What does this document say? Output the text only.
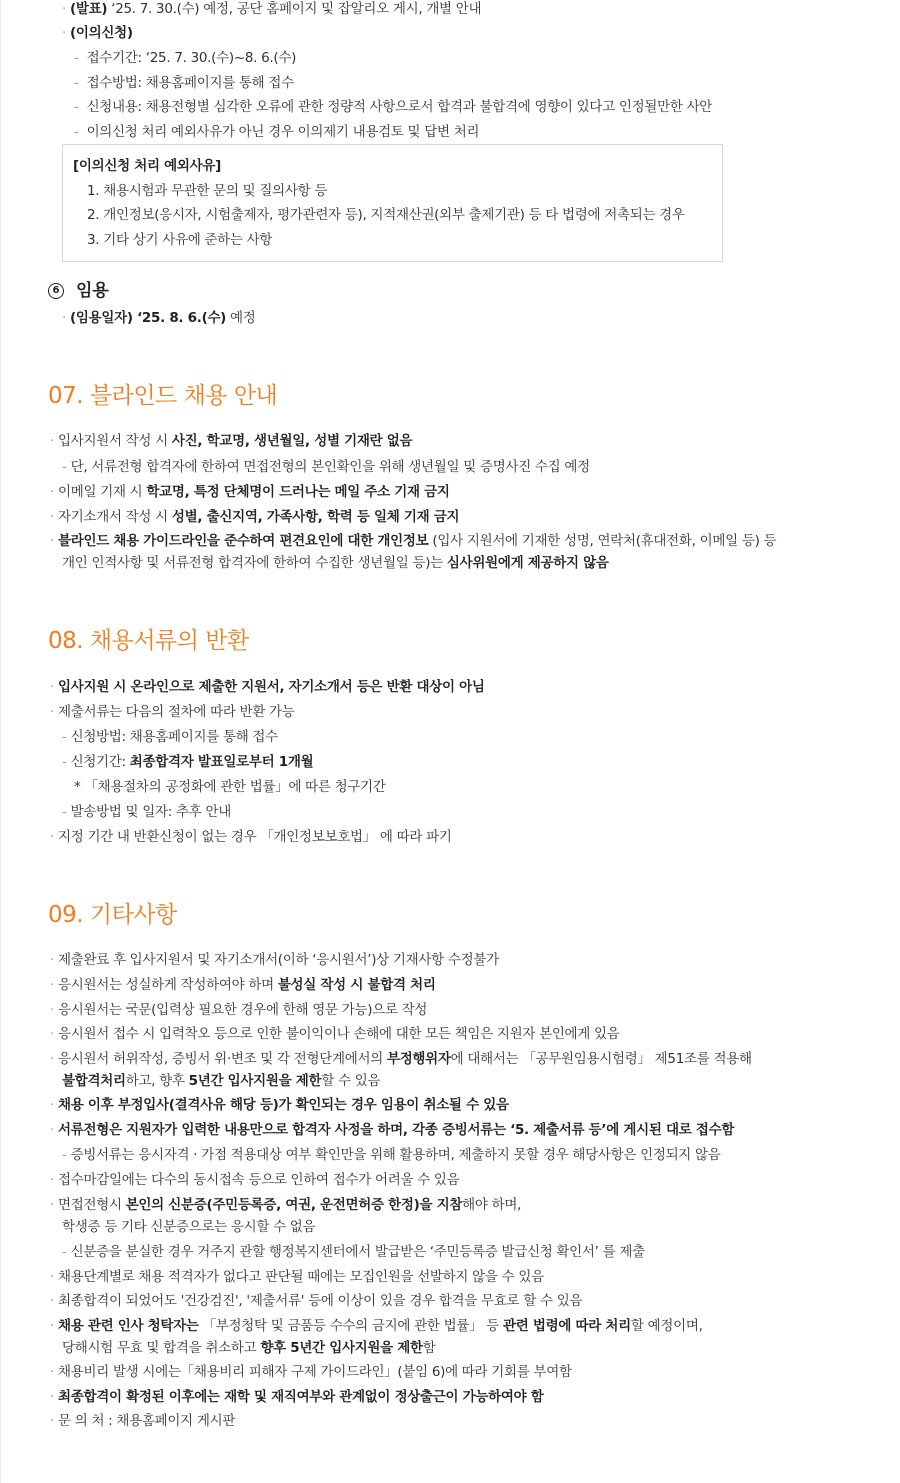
· (발표) ‘25. 7. 30.(수) 예정, 공단 홈페이지 및 잡알리오 게시, 개별 안내
· (이의신청)
-  접수기간: ‘25. 7. 30.(수)~8. 6.(수)
-  접수방법: 채용홈페이지를 통해 접수
-  신청내용: 채용전형별 심각한 오류에 관한 정량적 사항으로서 합격과 불합격에 영향이 있다고 인정될만한 사안
-  이의신청 처리 예외사유가 아닌 경우 이의제기 내용검토 및 답변 처리
[이의신청 처리 예외사유]
1. 채용시험과 무관한 문의 및 질의사항 등
2. 개인정보(응시자, 시험출제자, 평가관련자 등), 지적재산권(외부 출제기관) 등 타 법령에 저촉되는 경우
3. 기타 상기 사유에 준하는 사항
6 임용
· (임용일자) ‘25. 8. 6.(수) 예정
07. 블라인드 채용 안내
· 입사지원서 작성 시 사진, 학교명, 생년월일, 성별 기재란 없음
- 단, 서류전형 합격자에 한하여 면접전형의 본인확인을 위해 생년월일 및 증명사진 수집 예정
· 이메일 기재 시 학교명, 특정 단체명이 드러나는 메일 주소 기재 금지
· 자기소개서 작성 시 성별, 출신지역, 가족사항, 학력 등 일체 기재 금지
· 블라인드 채용 가이드라인을 준수하여 편견요인에 대한 개인정보 (입사 지원서에 기재한 성명, 연락처(휴대전화, 이메일 등) 등
개인 인적사항 및 서류전형 합격자에 한하여 수집한 생년월일 등)는 심사위원에게 제공하지 않음
08. 채용서류의 반환
· 입사지원 시 온라인으로 제출한 지원서, 자기소개서 등은 반환 대상이 아님
· 제출서류는 다음의 절차에 따라 반환 가능
- 신청방법: 채용홈페이지를 통해 접수
- 신청기간: 최종합격자 발표일로부터 1개월
* 「채용절차의 공정화에 관한 법률」에 따른 청구기간
- 발송방법 및 일자: 추후 안내
· 지정 기간 내 반환신청이 없는 경우 「개인정보보호법」 에 따라 파기
09. 기타사항
· 제출완료 후 입사지원서 및 자기소개서(이하 ‘응시원서’)상 기재사항 수정불가
· 응시원서는 성실하게 작성하여야 하며 불성실 작성 시 불합격 처리
· 응시원서는 국문(입력상 필요한 경우에 한해 영문 가능)으로 작성
· 응시원서 접수 시 입력착오 등으로 인한 불이익이나 손해에 대한 모든 책임은 지원자 본인에게 있음
· 응시원서 허위작성, 증빙서 위·변조 및 각 전형단계에서의 부정행위자에 대해서는 「공무원임용시험령」 제51조를 적용해
불합격처리하고, 향후 5년간 입사지원을 제한할 수 있음
· 채용 이후 부정입사(결격사유 해당 등)가 확인되는 경우 임용이 취소될 수 있음
· 서류전형은 지원자가 입력한 내용만으로 합격자 사정을 하며, 각종 증빙서류는 ‘5. 제출서류 등’에 게시된 대로 접수함
- 증빙서류는 응시자격 · 가점 적용대상 여부 확인만을 위해 활용하며, 제출하지 못할 경우 해당사항은 인정되지 않음
· 접수마감일에는 다수의 동시접속 등으로 인하여 접수가 어려울 수 있음
· 면접전형시 본인의 신분증(주민등록증, 여권, 운전면허증 한정)을 지참해야 하며,
학생증 등 기타 신분증으로는 응시할 수 없음
- 신분증을 분실한 경우 거주지 관할 행정복지센터에서 발급받은 ‘주민등록증 발급신청 확인서’ 를 제출
· 채용단계별로 채용 적격자가 없다고 판단될 때에는 모집인원을 선발하지 않을 수 있음
· 최종합격이 되었어도 '건강검진', '제출서류' 등에 이상이 있을 경우 합격을 무효로 할 수 있음
· 채용 관련 인사 청탁자는 「부정청탁 및 금품등 수수의 금지에 관한 법률」 등 관련 법령에 따라 처리할 예정이며,
당해시험 무효 및 합격을 취소하고 향후 5년간 입사지원을 제한함
· 채용비리 발생 시에는「채용비리 피해자 구제 가이드라인」(붙임 6)에 따라 기회를 부여함
· 최종합격이 확정된 이후에는 재학 및 재직여부와 관계없이 정상출근이 가능하여야 함
· 문 의 처 : 채용홈페이지 게시판
